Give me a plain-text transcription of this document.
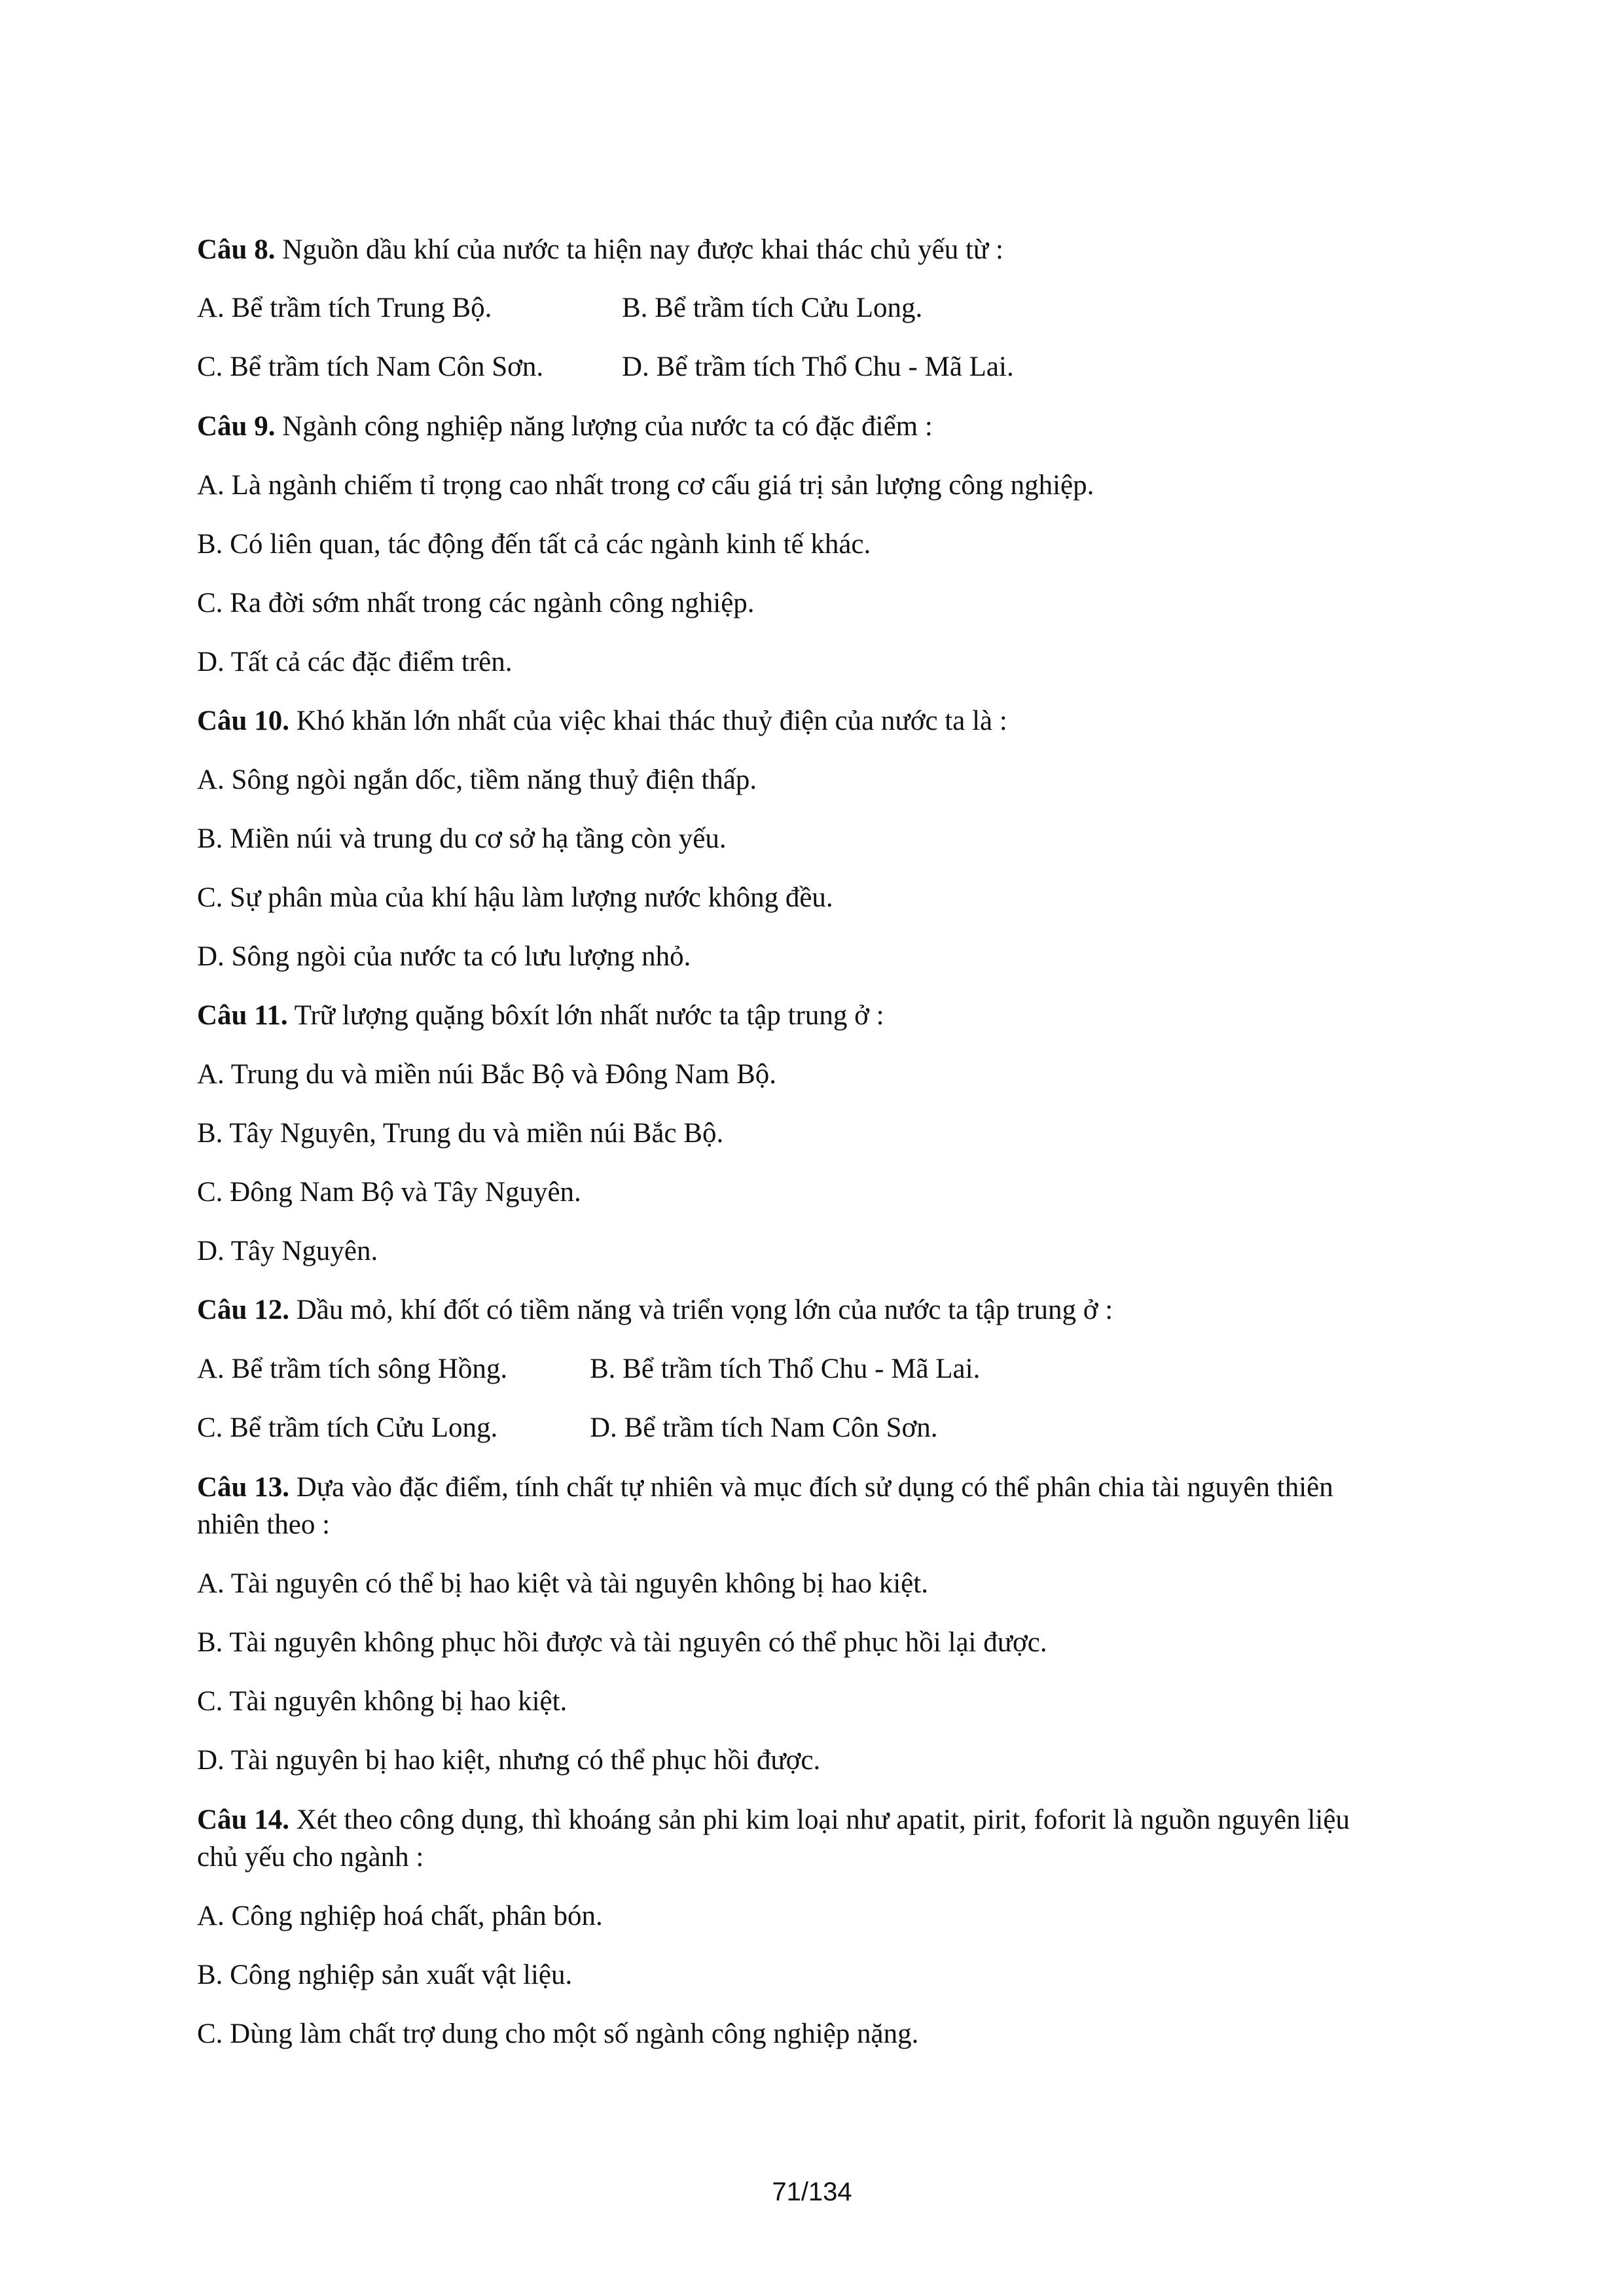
Câu 8. Nguồn dầu khí của nước ta hiện nay được khai thác chủ yếu từ :

A. Bể trầm tích Trung Bộ.	B. Bể trầm tích Cửu Long.
C. Bể trầm tích Nam Côn Sơn.	D. Bể trầm tích Thổ Chu - Mã Lai.

Câu 9. Ngành công nghiệp năng lượng của nước ta có đặc điểm :

A. Là ngành chiếm tỉ trọng cao nhất trong cơ cấu giá trị sản lượng công nghiệp.

B. Có liên quan, tác động đến tất cả các ngành kinh tế khác.

C. Ra đời sớm nhất trong các ngành công nghiệp.

D. Tất cả các đặc điểm trên.

Câu 10. Khó khăn lớn nhất của việc khai thác thuỷ điện của nước ta là :

A. Sông ngòi ngắn dốc, tiềm năng thuỷ điện thấp.

B. Miền núi và trung du cơ sở hạ tầng còn yếu.

C. Sự phân mùa của khí hậu làm lượng nước không đều.

D. Sông ngòi của nước ta có lưu lượng nhỏ.

Câu 11. Trữ lượng quặng bôxít lớn nhất nước ta tập trung ở :

A. Trung du và miền núi Bắc Bộ và Đông Nam Bộ.

B. Tây Nguyên, Trung du và miền núi Bắc Bộ.

C. Đông Nam Bộ và Tây Nguyên.

D. Tây Nguyên.

Câu 12. Dầu mỏ, khí đốt có tiềm năng và triển vọng lớn của nước ta tập trung ở :

A. Bể trầm tích sông Hồng.	B. Bể trầm tích Thổ Chu - Mã Lai.
C. Bể trầm tích Cửu Long.	D. Bể trầm tích Nam Côn Sơn.

Câu 13. Dựa vào đặc điểm, tính chất tự nhiên và mục đích sử dụng có thể phân chia tài nguyên thiên

nhiên theo :

A. Tài nguyên có thể bị hao kiệt và tài nguyên không bị hao kiệt.

B. Tài nguyên không phục hồi được và tài nguyên có thể phục hồi lại được.

C. Tài nguyên không bị hao kiệt.

D. Tài nguyên bị hao kiệt, nhưng có thể phục hồi được.

Câu 14. Xét theo công dụng, thì khoáng sản phi kim loại như apatit, pirit, foforit là nguồn nguyên liệu

chủ yếu cho ngành :

A. Công nghiệp hoá chất, phân bón.

B. Công nghiệp sản xuất vật liệu.

C. Dùng làm chất trợ dung cho một số ngành công nghiệp nặng.

71/134
